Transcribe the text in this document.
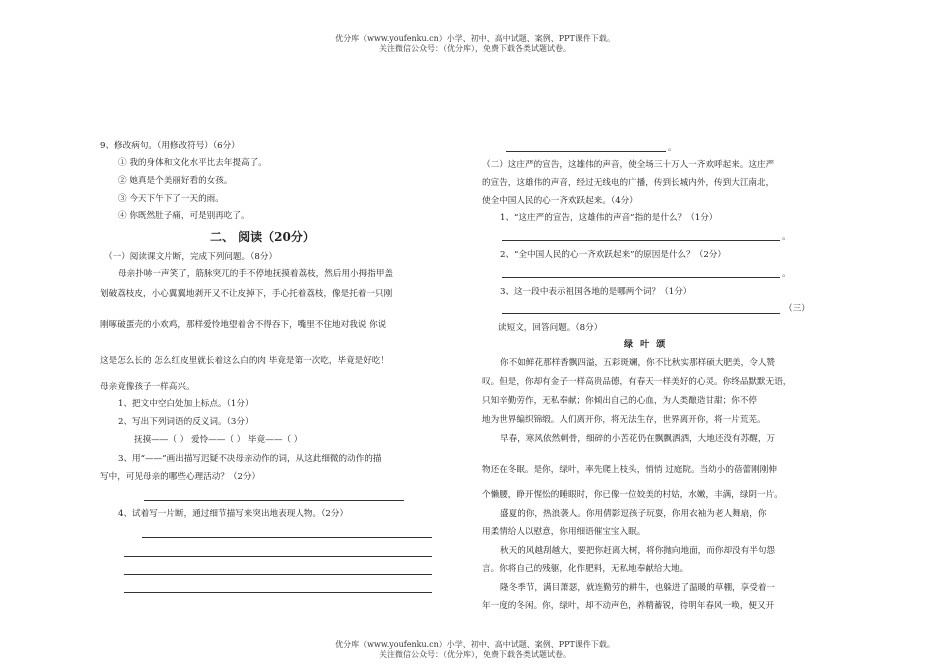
优分库（www.youfenku.cn）小学、初中、高中试题、案例、PPT课件下载。
关注微信公众号：（优分库），免费下载各类试题试卷。
9、修改病句。（用修改符号）（6分）
① 我的身体和文化水平比去年提高了。
② 她真是个美丽好看的女孩。
③ 今天下午下了一天的雨。
④ 你既然肚子痛，可是别再吃了。
二、 阅读（20分）
（一）阅读课文片断，完成下列问题。（8分）
母亲扑哧一声笑了，筋脉突兀的手不停地抚摸着荔枝，然后用小拇指甲盖
划破荔枝皮，小心翼翼地剥开又不让皮掉下，手心托着荔枝，像是托着一只刚
刚啄破蛋壳的小欢鸡，那样爱怜地望着舍不得吞下，嘴里不住地对我说 你说
这是怎么长的 怎么红皮里就长着这么白的肉 毕竟是第一次吃，毕竟是好吃！
母亲竟像孩子一样高兴。
1、把文中空白处加上标点。（1分）
2、写出下列词语的反义词。（3分）
抚摸——（ ） 爱怜——（ ） 毕竟——（ ）
3、用“——”画出描写迟疑不决母亲动作的词，从这此细微的动作的描
写中，可见母亲的哪些心理活动？（2分）
4、试着写一片断，通过细节描写来突出地表现人物。（2分）
。
（二）这庄严的宣告，这雄伟的声音，使全场三十万人一齐欢呼起来。这庄严
的宣告，这雄伟的声音，经过无线电的广播，传到长城内外，传到大江南北，
使全中国人民的心一齐欢跃起来。（4分）
1、“这庄严的宣告，这雄伟的声音”指的是什么？（1分）
。
2、“全中国人民的心一齐欢跃起来”的原因是什么？（2分）
。
3、这一段中表示祖国各地的是哪两个词？（1分）
（三）
读短文，回答问题。（8分）
绿 叶 颂
你不如鲜花那样香飘四溢，五彩斑斓，你不比秋实那样硕大肥美，令人赞
叹。但是，你却有金子一样高贵品德，有春天一样美好的心灵。你终品默默无语，
只知辛勤劳作，无私奉献；你倾出自己的心血，为人类酿造甘甜；你不停
地为世界编织锦缎。人们离开你，将无法生存，世界离开你，将一片荒芜。
早春，寒风依然刺骨，细碎的小苦花仍在飘飘洒洒，大地还没有苏醒，万
物还在冬眠。是你，绿叶，率先爬上枝头，悄悄 过庭院。当幼小的蓓蕾刚刚伸
个懒腰，睁开惺忪的睡眼时，你已像一位姣美的村姑，水嫩，丰满，绿阴一片。
盛夏的你，热浪袭人。你用倩影逗孩子玩耍，你用衣袖为老人舞扇，你
用柔情给人以慰意，你用细语催宝宝入眠。
秋天的风越刮越大，要把你赶离大树，将你抛向地面，而你却没有半句怨
言。你将自己的残躯，化作肥料，无私地奉献给大地。
隆冬季节，满目萧瑟，就连勤劳的耕牛，也躲进了温暖的草棚，享受着一
年一度的冬闲。你，绿叶，却不动声色，养精蓄锐，待明年春风一唤，便又开
优分库（www.youfenku.cn）小学、初中、高中试题、案例、PPT课件下载。
关注微信公众号：（优分库），免费下载各类试题试卷。
